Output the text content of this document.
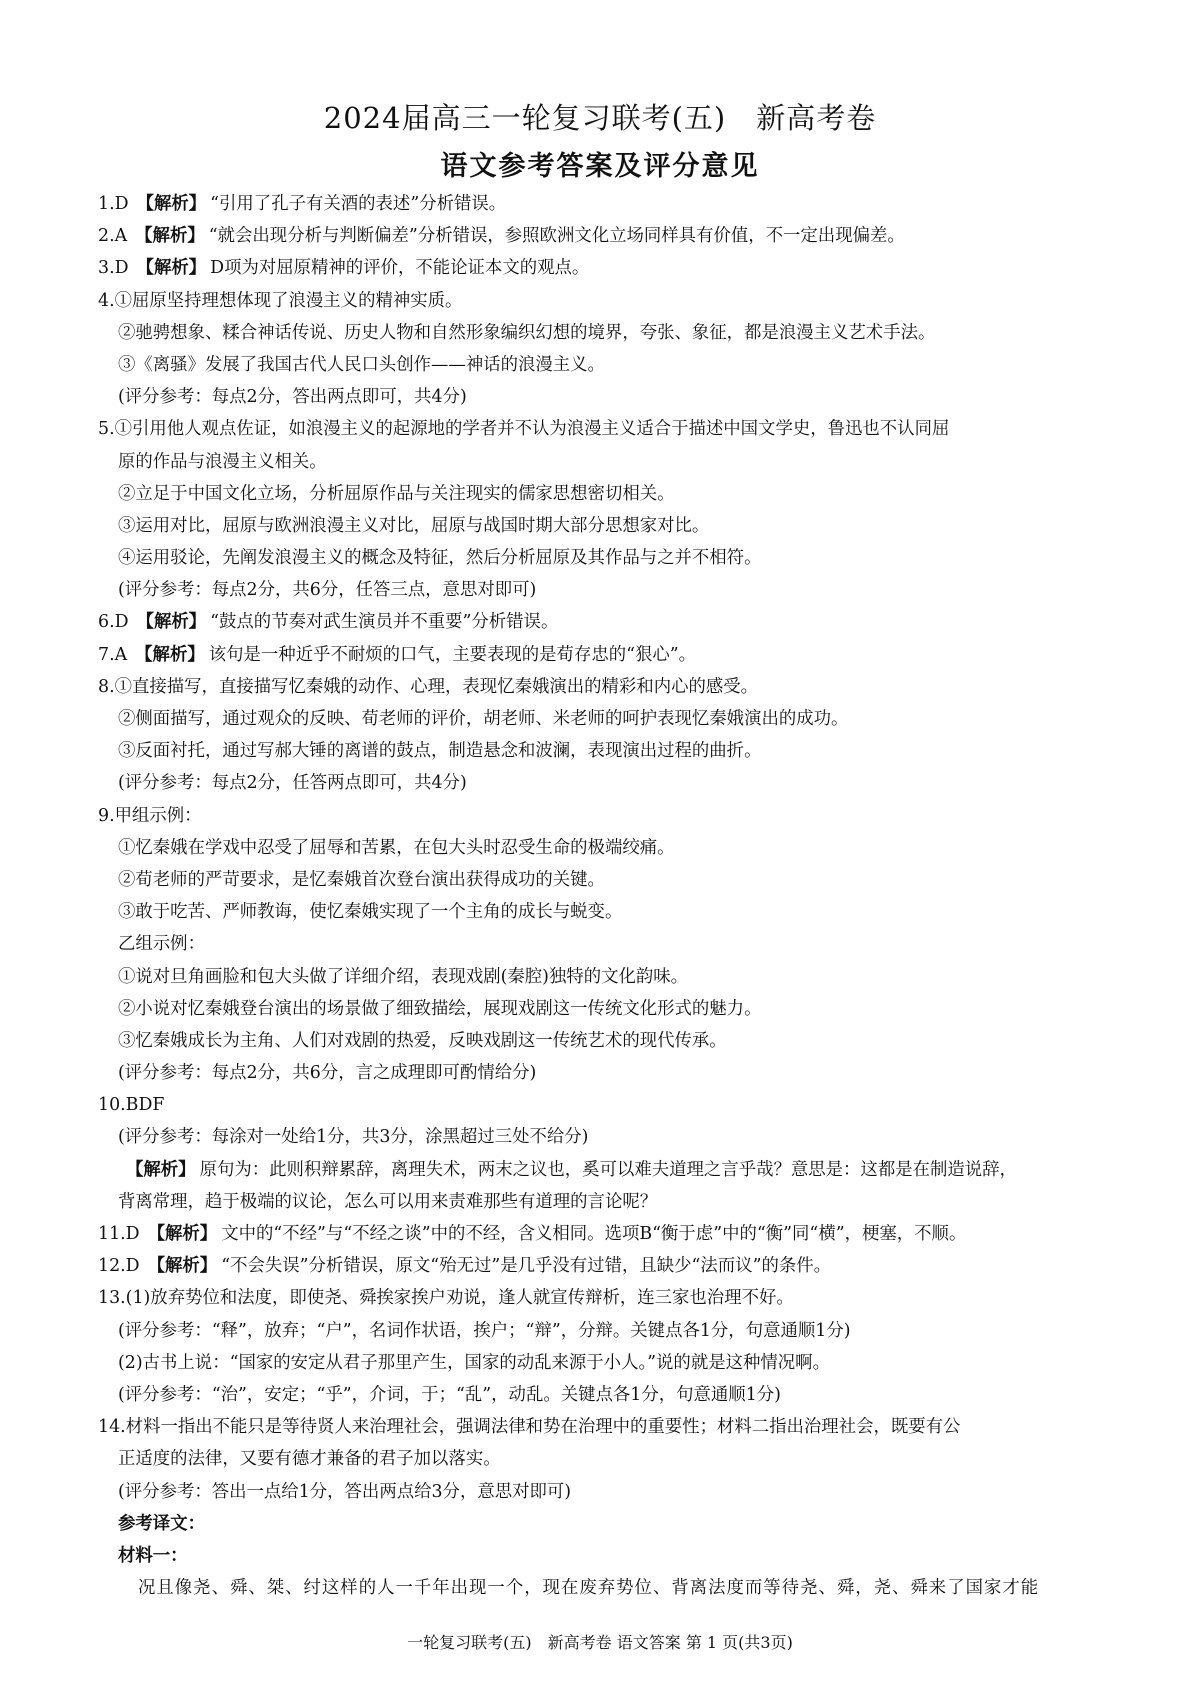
2024届高三一轮复习联考(五)　新高考卷
语文参考答案及评分意见
1.D 【解析】 “引用了孔子有关酒的表述”分析错误。
2.A 【解析】 “就会出现分析与判断偏差”分析错误，参照欧洲文化立场同样具有价值，不一定出现偏差。
3.D 【解析】 D项为对屈原精神的评价，不能论证本文的观点。
4.①屈原坚持理想体现了浪漫主义的精神实质。
②驰骋想象、糅合神话传说、历史人物和自然形象编织幻想的境界，夸张、象征，都是浪漫主义艺术手法。
③《离骚》发展了我国古代人民口头创作——神话的浪漫主义。
(评分参考：每点2分，答出两点即可，共4分)
5.①引用他人观点佐证，如浪漫主义的起源地的学者并不认为浪漫主义适合于描述中国文学史，鲁迅也不认同屈
原的作品与浪漫主义相关。
②立足于中国文化立场，分析屈原作品与关注现实的儒家思想密切相关。
③运用对比，屈原与欧洲浪漫主义对比，屈原与战国时期大部分思想家对比。
④运用驳论，先阐发浪漫主义的概念及特征，然后分析屈原及其作品与之并不相符。
(评分参考：每点2分，共6分，任答三点，意思对即可)
6.D 【解析】 “鼓点的节奏对武生演员并不重要”分析错误。
7.A 【解析】 该句是一种近乎不耐烦的口气，主要表现的是荀存忠的“狠心”。
8.①直接描写，直接描写忆秦娥的动作、心理，表现忆秦娥演出的精彩和内心的感受。
②侧面描写，通过观众的反映、荀老师的评价，胡老师、米老师的呵护表现忆秦娥演出的成功。
③反面衬托，通过写郝大锤的离谱的鼓点，制造悬念和波澜，表现演出过程的曲折。
(评分参考：每点2分，任答两点即可，共4分)
9.甲组示例：
①忆秦娥在学戏中忍受了屈辱和苦累，在包大头时忍受生命的极端绞痛。
②荀老师的严苛要求，是忆秦娥首次登台演出获得成功的关键。
③敢于吃苦、严师教诲，使忆秦娥实现了一个主角的成长与蜕变。
乙组示例：
①说对旦角画脸和包大头做了详细介绍，表现戏剧(秦腔)独特的文化韵味。
②小说对忆秦娥登台演出的场景做了细致描绘，展现戏剧这一传统文化形式的魅力。
③忆秦娥成长为主角、人们对戏剧的热爱，反映戏剧这一传统艺术的现代传承。
(评分参考：每点2分，共6分，言之成理即可酌情给分)
10.BDF
(评分参考：每涂对一处给1分，共3分，涂黑超过三处不给分)
【解析】 原句为：此则积辩累辞，离理失术，两末之议也，奚可以难夫道理之言乎哉？意思是：这都是在制造说辞，
背离常理，趋于极端的议论，怎么可以用来责难那些有道理的言论呢？
11.D 【解析】 文中的“不经”与“不经之谈”中的不经，含义相同。选项B“衡于虑”中的“衡”同“横”，梗塞，不顺。
12.D 【解析】 “不会失误”分析错误，原文“殆无过”是几乎没有过错，且缺少“法而议”的条件。
13.(1)放弃势位和法度，即使尧、舜挨家挨户劝说，逢人就宣传辩析，连三家也治理不好。
(评分参考：“释”，放弃；“户”，名词作状语，挨户；“辩”，分辩。关键点各1分，句意通顺1分)
(2)古书上说：“国家的安定从君子那里产生，国家的动乱来源于小人。”说的就是这种情况啊。
(评分参考：“治”，安定；“乎”，介词，于；“乱”，动乱。关键点各1分，句意通顺1分)
14.材料一指出不能只是等待贤人来治理社会，强调法律和势在治理中的重要性；材料二指出治理社会，既要有公
正适度的法律，又要有德才兼备的君子加以落实。
(评分参考：答出一点给1分，答出两点给3分，意思对即可)
参考译文：
材料一：
况且像尧、舜、桀、纣这样的人一千年出现一个，现在废弃势位、背离法度而等待尧、舜，尧、舜来了国家才能
一轮复习联考(五)　新高考卷 语文答案 第 1 页(共3页)
